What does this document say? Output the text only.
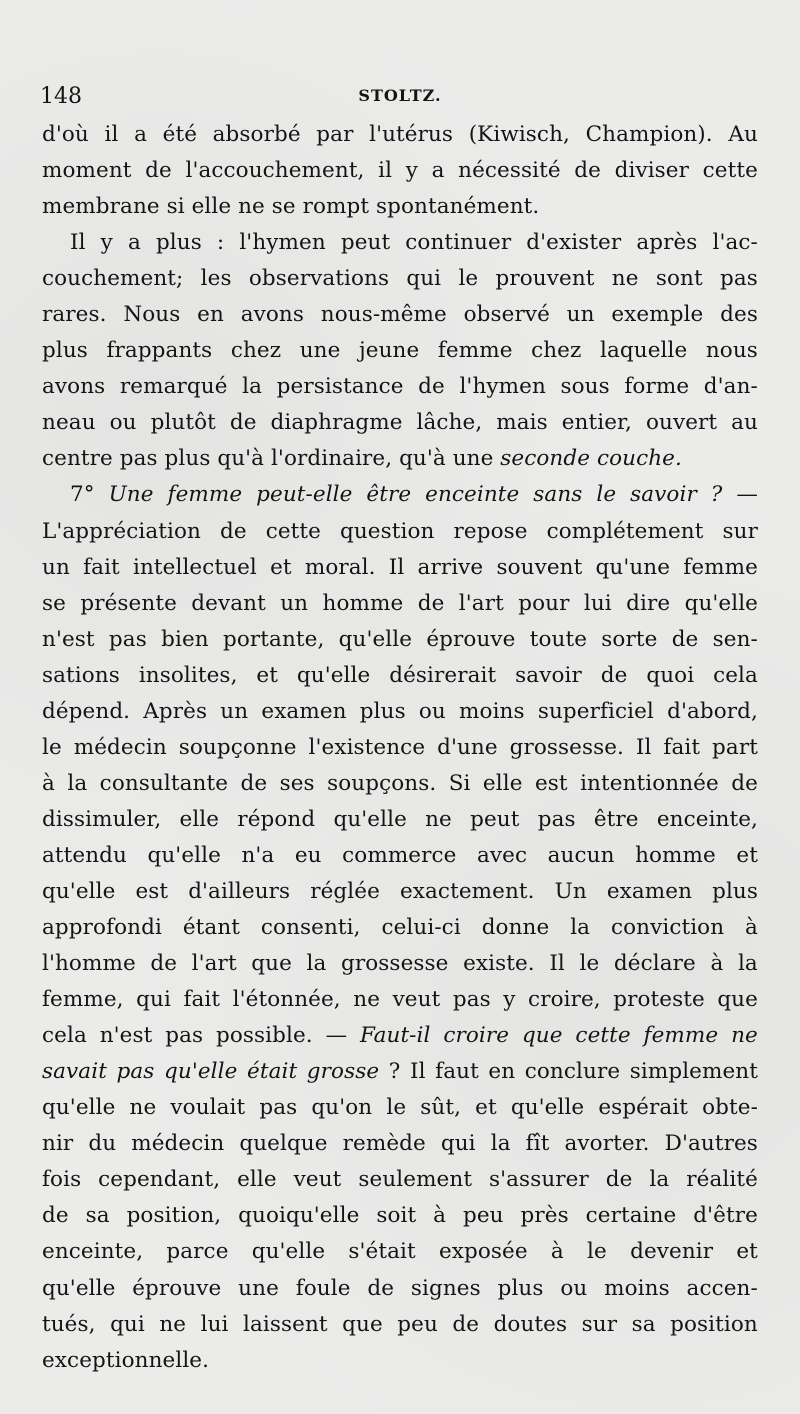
148	STOLTZ.
d'où il a été absorbé par l'utérus (Kiwisch, Champion). Au
moment de l'accouchement, il y a nécessité de diviser cette
membrane si elle ne se rompt spontanément.
Il y a plus : l'hymen peut continuer d'exister après l'ac-
couchement; les observations qui le prouvent ne sont pas
rares. Nous en avons nous-même observé un exemple des
plus frappants chez une jeune femme chez laquelle nous
avons remarqué la persistance de l'hymen sous forme d'an-
neau ou plutôt de diaphragme lâche, mais entier, ouvert au
centre pas plus qu'à l'ordinaire, qu'à une seconde couche.
7° Une femme peut-elle être enceinte sans le savoir ? —
L'appréciation de cette question repose complétement sur
un fait intellectuel et moral. Il arrive souvent qu'une femme
se présente devant un homme de l'art pour lui dire qu'elle
n'est pas bien portante, qu'elle éprouve toute sorte de sen-
sations insolites, et qu'elle désirerait savoir de quoi cela
dépend. Après un examen plus ou moins superficiel d'abord,
le médecin soupçonne l'existence d'une grossesse. Il fait part
à la consultante de ses soupçons. Si elle est intentionnée de
dissimuler, elle répond qu'elle ne peut pas être enceinte,
attendu qu'elle n'a eu commerce avec aucun homme et
qu'elle est d'ailleurs réglée exactement. Un examen plus
approfondi étant consenti, celui-ci donne la conviction à
l'homme de l'art que la grossesse existe. Il le déclare à la
femme, qui fait l'étonnée, ne veut pas y croire, proteste que
cela n'est pas possible. — Faut-il croire que cette femme ne
savait pas qu'elle était grosse ? Il faut en conclure simplement
qu'elle ne voulait pas qu'on le sût, et qu'elle espérait obte-
nir du médecin quelque remède qui la fît avorter. D'autres
fois cependant, elle veut seulement s'assurer de la réalité
de sa position, quoiqu'elle soit à peu près certaine d'être
enceinte, parce qu'elle s'était exposée à le devenir et
qu'elle éprouve une foule de signes plus ou moins accen-
tués, qui ne lui laissent que peu de doutes sur sa position
exceptionnelle.
